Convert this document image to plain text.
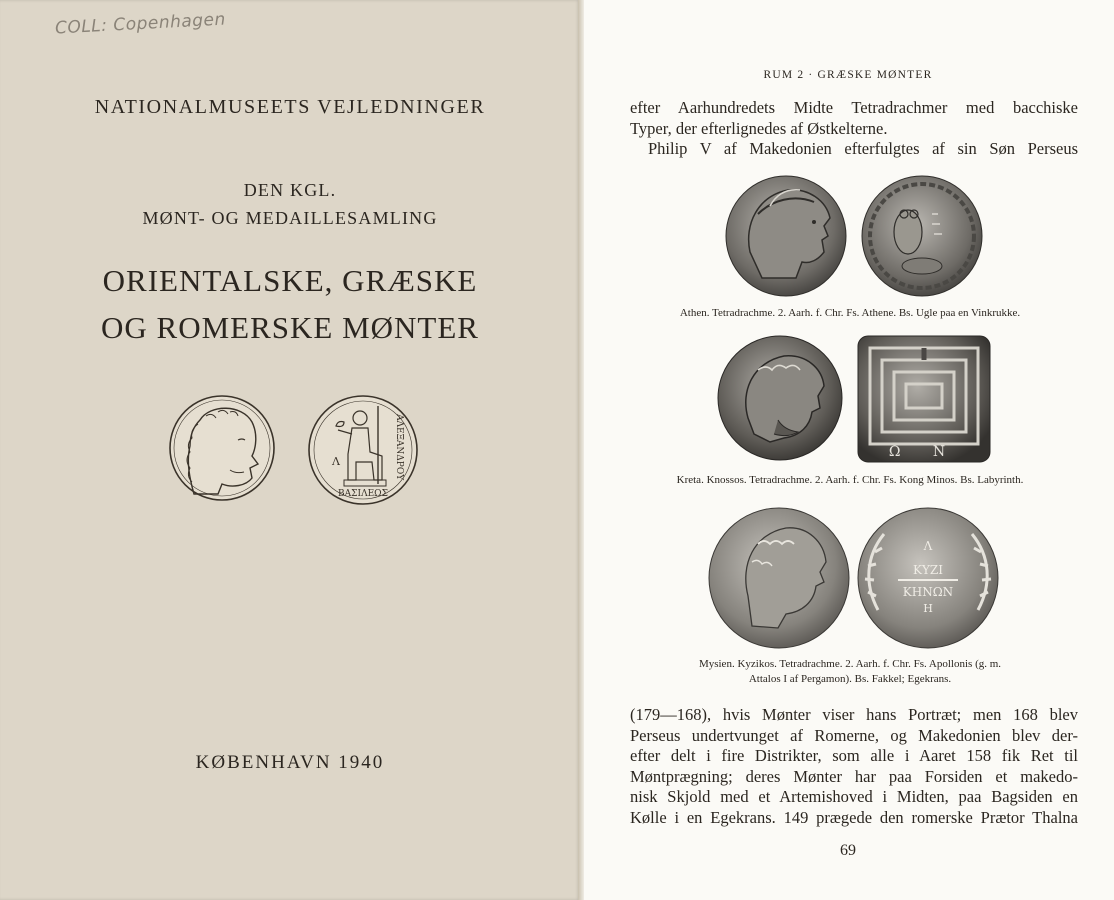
COLL: Copenhagen
NATIONALMUSEETS VEJLEDNINGER
DEN KGL.
MØNT- OG MEDAILLESAMLING
ORIENTALSKE, GRÆSKE
OG ROMERSKE MØNTER
Λ	ΑΛΕΞΑΝΔΡΟΥ
ΒΑΣΙΛΕΩΣ
KØBENHAVN 1940
RUM 2 · GRÆSKE MØNTER
efter Aarhundredets Midte Tetradrachmer med bacchiske
Typer, der efterlignedes af Østkelterne.
Philip V af Makedonien efterfulgtes af sin Søn Perseus
Athen. Tetradrachme. 2. Aarh. f. Chr. Fs. Athene. Bs. Ugle paa en Vinkrukke.
Ω N
Kreta. Knossos. Tetradrachme. 2. Aarh. f. Chr. Fs. Kong Minos. Bs. Labyrinth.
Λ
ΚΥΖΙ
ΚΗΝΩΝ
Η
Mysien. Kyzikos. Tetradrachme. 2. Aarh. f. Chr. Fs. Apollonis (g. m.
Attalos I af Pergamon). Bs. Fakkel; Egekrans.
(179—168), hvis Mønter viser hans Portræt; men 168 blev
Perseus undertvunget af Romerne, og Makedonien blev der-
efter delt i fire Distrikter, som alle i Aaret 158 fik Ret til
Møntprægning; deres Mønter har paa Forsiden et makedo-
nisk Skjold med et Artemishoved i Midten, paa Bagsiden en
Kølle i en Egekrans. 149 prægede den romerske Prætor Thalna
69
